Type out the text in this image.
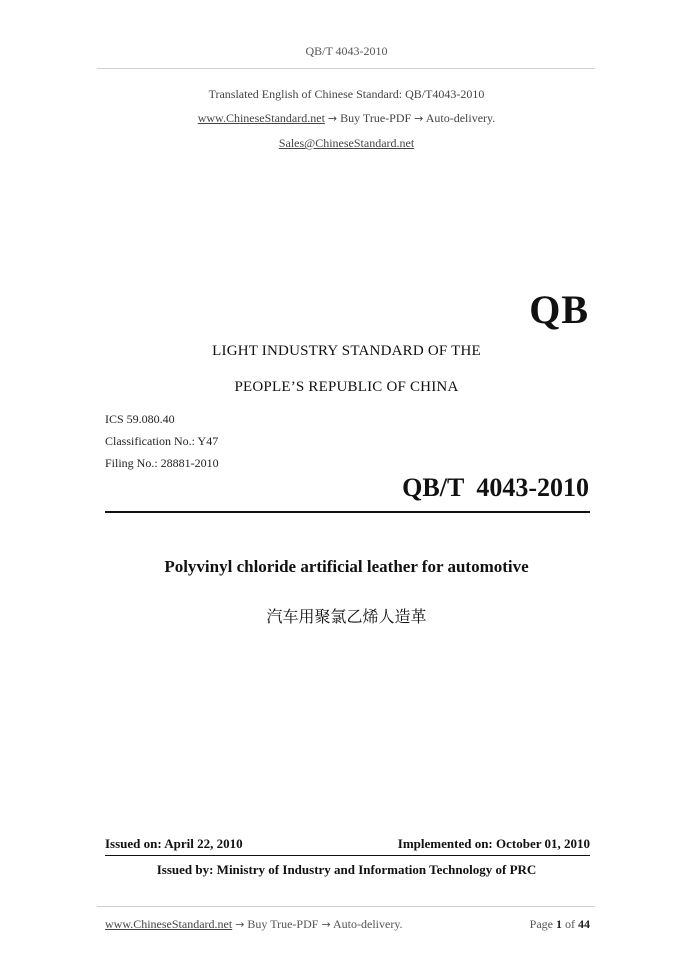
QB/T 4043-2010
Translated English of Chinese Standard: QB/T4043-2010
www.ChineseStandard.net → Buy True-PDF → Auto-delivery.
Sales@ChineseStandard.net
QB
LIGHT INDUSTRY STANDARD OF THE
PEOPLE’S REPUBLIC OF CHINA
ICS 59.080.40
Classification No.: Y47
Filing No.: 28881-2010
QB/T 4043-2010
Polyvinyl chloride artificial leather for automotive
汽车用聚氯乙烯人造革
Issued on: April 22, 2010	Implemented on: October 01, 2010
Issued by: Ministry of Industry and Information Technology of PRC
www.ChineseStandard.net → Buy True-PDF → Auto-delivery.	Page 1 of 44
